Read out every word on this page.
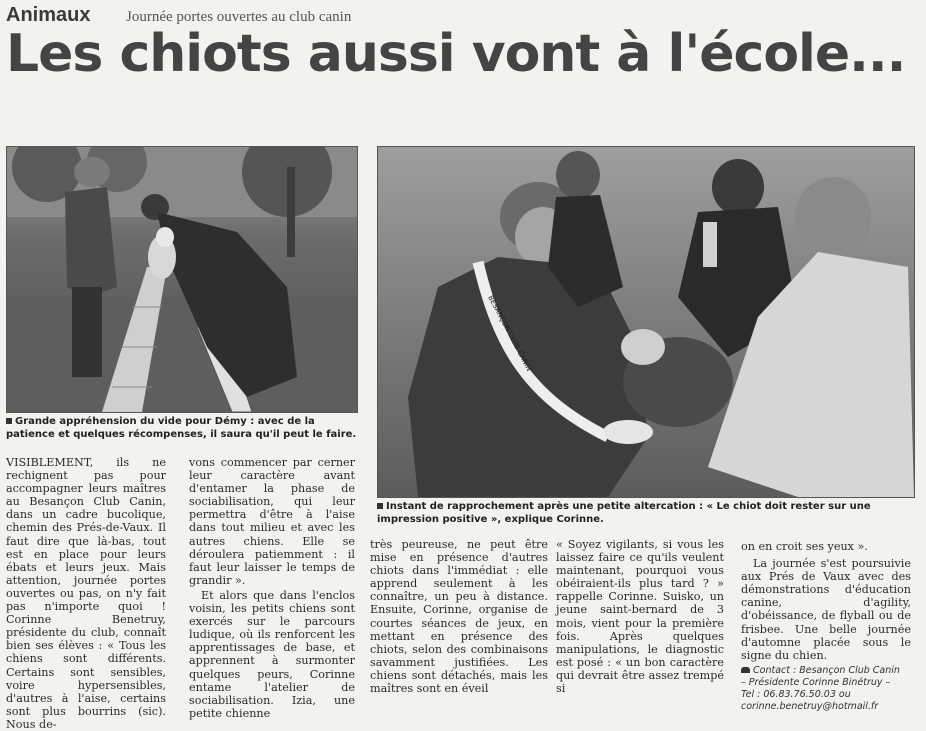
Animaux Journée portes ouvertes au club canin
Les chiots aussi vont à l'école...
Grande appréhension du vide pour Démy : avec de la patience et quelques récompenses, il saura qu'il peut le faire.
BESANÇON CLUB CANIN
Instant de rapprochement après une petite altercation : « Le chiot doit rester sur une impression positive », explique Corinne.
VISIBLEMENT, ils ne rechignent pas pour accompagner leurs maîtres au Besançon Club Canin, dans un cadre bucolique, chemin des Prés-de-Vaux. Il faut dire que là-bas, tout est en place pour leurs ébats et leurs jeux. Mais attention, journée portes ouvertes ou pas, on n'y fait pas n'importe quoi ! Corinne Benetruy, présidente du club, connaît bien ses élèves : « Tous les chiens sont différents. Certains sont sensibles, voire hypersensibles, d'autres à l'aise, certains sont plus bourrins (sic). Nous de-
vons commencer par cerner leur caractère avant d'entamer la phase de sociabilisation, qui leur permettra d'être à l'aise dans tout milieu et avec les autres chiens. Elle se déroulera patiemment : il faut leur laisser le temps de grandir ».
Et alors que dans l'enclos voisin, les petits chiens sont exercés sur le parcours ludique, où ils renforcent les apprentissages de base, et apprennent à surmonter quelques peurs, Corinne entame l'atelier de sociabilisation. Izia, une petite chienne
très peureuse, ne peut être mise en présence d'autres chiots dans l'immédiat : elle apprend seulement à les connaître, un peu à distance. Ensuite, Corinne, organise de courtes séances de jeux, en mettant en présence des chiots, selon des combinaisons savamment justifiées. Les chiens sont détachés, mais les maîtres sont en éveil
« Soyez vigilants, si vous les laissez faire ce qu'ils veulent maintenant, pourquoi vous obéiraient-ils plus tard ? » rappelle Corinne. Suisko, un jeune saint-bernard de 3 mois, vient pour la première fois. Après quelques manipulations, le diagnostic est posé : « un bon caractère qui devrait être assez trempé si
on en croit ses yeux ».
La journée s'est poursuivie aux Prés de Vaux avec des démonstrations d'éducation canine, d'agility, d'obéissance, de flyball ou de frisbee. Une belle journée d'automne placée sous le signe du chien.
Contact : Besançon Club Canin
– Présidente Corinne Binétruy –
Tel : 06.83.76.50.03 ou
corinne.benetruy@hotmail.fr
